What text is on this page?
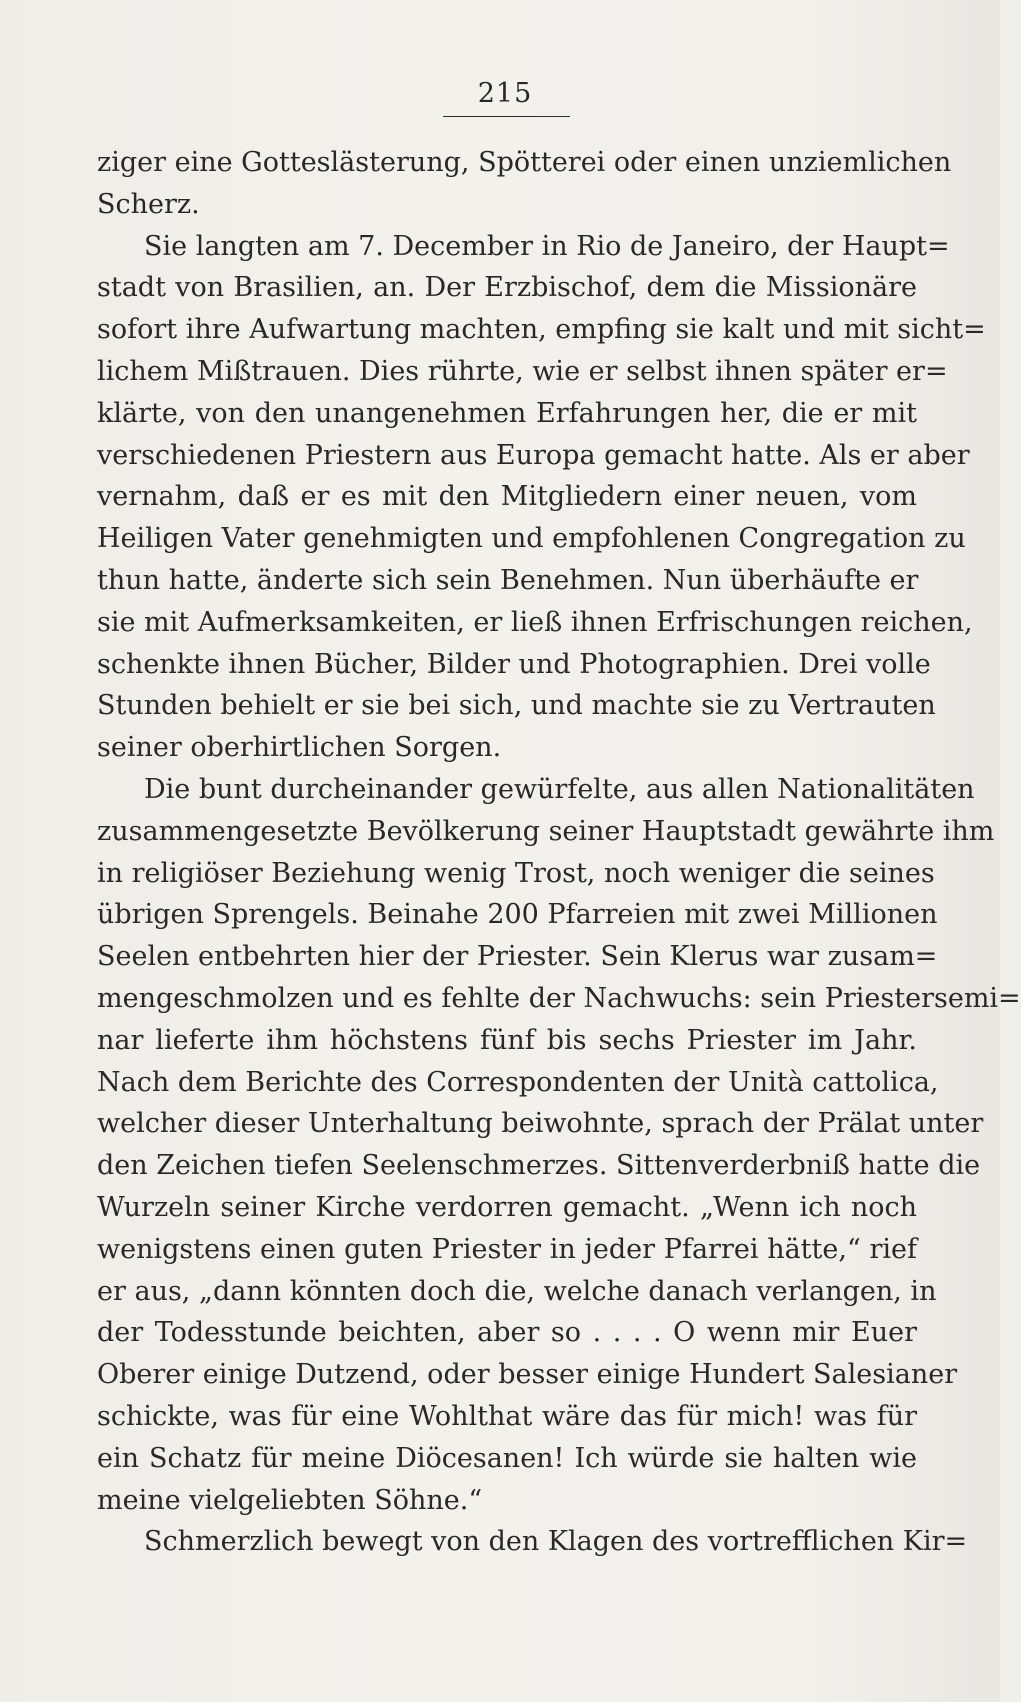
215
ziger eine Gotteslästerung, Spötterei oder einen unziemlichen
Scherz.
Sie langten am 7. December in Rio de Janeiro, der Haupt=
stadt von Brasilien, an. Der Erzbischof, dem die Missionäre
sofort ihre Aufwartung machten, empfing sie kalt und mit sicht=
lichem Mißtrauen. Dies rührte, wie er selbst ihnen später er=
klärte, von den unangenehmen Erfahrungen her, die er mit
verschiedenen Priestern aus Europa gemacht hatte. Als er aber
vernahm, daß er es mit den Mitgliedern einer neuen, vom
Heiligen Vater genehmigten und empfohlenen Congregation zu
thun hatte, änderte sich sein Benehmen. Nun überhäufte er
sie mit Aufmerksamkeiten, er ließ ihnen Erfrischungen reichen,
schenkte ihnen Bücher, Bilder und Photographien. Drei volle
Stunden behielt er sie bei sich, und machte sie zu Vertrauten
seiner oberhirtlichen Sorgen.
Die bunt durcheinander gewürfelte, aus allen Nationalitäten
zusammengesetzte Bevölkerung seiner Hauptstadt gewährte ihm
in religiöser Beziehung wenig Trost, noch weniger die seines
übrigen Sprengels. Beinahe 200 Pfarreien mit zwei Millionen
Seelen entbehrten hier der Priester. Sein Klerus war zusam=
mengeschmolzen und es fehlte der Nachwuchs: sein Priestersemi=
nar lieferte ihm höchstens fünf bis sechs Priester im Jahr.
Nach dem Berichte des Correspondenten der Unità cattolica,
welcher dieser Unterhaltung beiwohnte, sprach der Prälat unter
den Zeichen tiefen Seelenschmerzes. Sittenverderbniß hatte die
Wurzeln seiner Kirche verdorren gemacht. „Wenn ich noch
wenigstens einen guten Priester in jeder Pfarrei hätte,“ rief
er aus, „dann könnten doch die, welche danach verlangen, in
der Todesstunde beichten, aber so . . . . O wenn mir Euer
Oberer einige Dutzend, oder besser einige Hundert Salesianer
schickte, was für eine Wohlthat wäre das für mich! was für
ein Schatz für meine Diöcesanen! Ich würde sie halten wie
meine vielgeliebten Söhne.“
Schmerzlich bewegt von den Klagen des vortrefflichen Kir=
